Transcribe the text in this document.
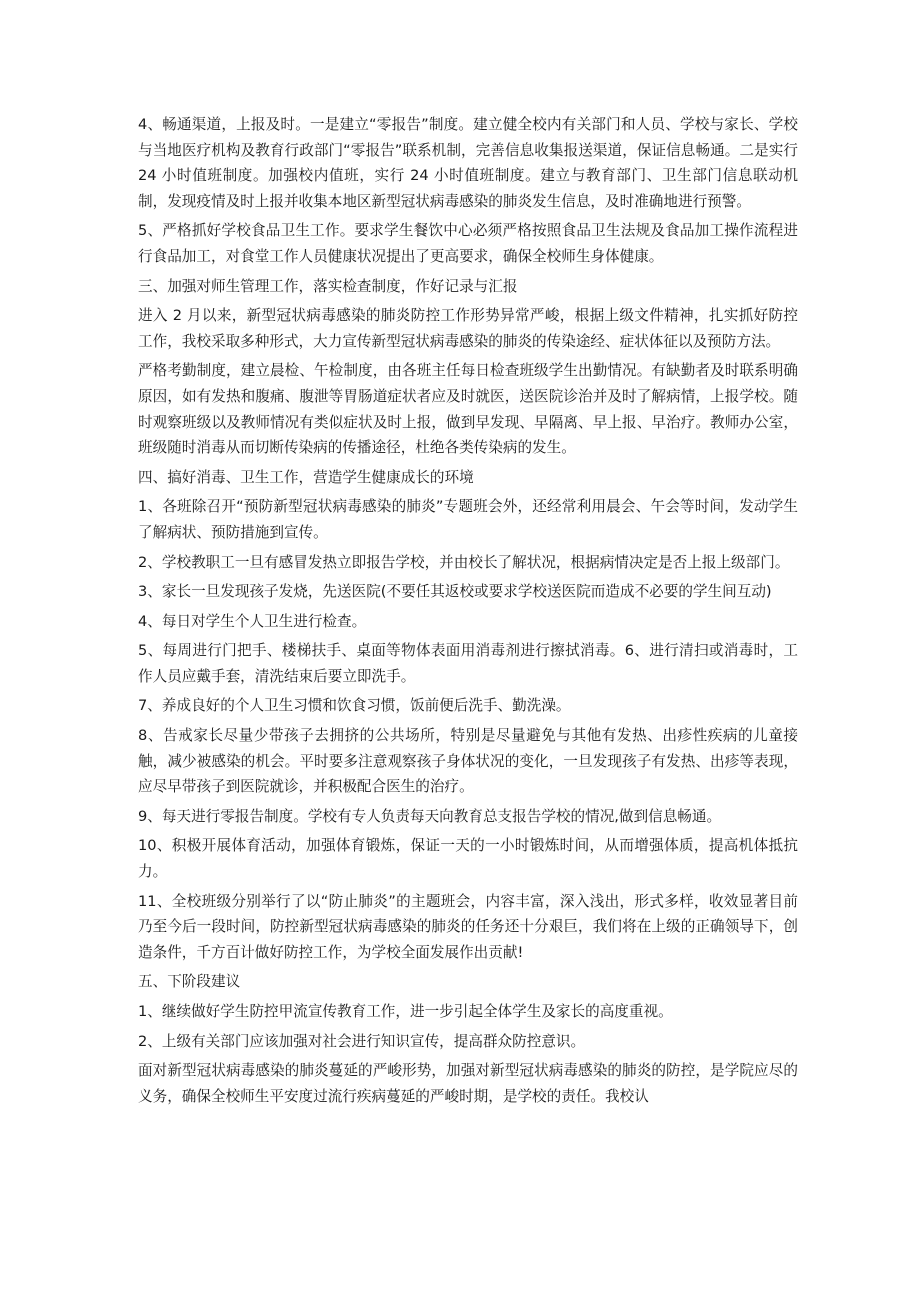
4、畅通渠道，上报及时。一是建立“零报告”制度。建立健全校内有关部门和人员、学校与家长、学校与当地医疗机构及教育行政部门“零报告”联系机制，完善信息收集报送渠道，保证信息畅通。二是实行 24 小时值班制度。加强校内值班，实行 24 小时值班制度。建立与教育部门、卫生部门信息联动机制，发现疫情及时上报并收集本地区新型冠状病毒感染的肺炎发生信息，及时准确地进行预警。

5、严格抓好学校食品卫生工作。要求学生餐饮中心必须严格按照食品卫生法规及食品加工操作流程进行食品加工，对食堂工作人员健康状况提出了更高要求，确保全校师生身体健康。

三、加强对师生管理工作，落实检查制度，作好记录与汇报

进入 2 月以来，新型冠状病毒感染的肺炎防控工作形势异常严峻，根据上级文件精神，扎实抓好防控工作，我校采取多种形式，大力宣传新型冠状病毒感染的肺炎的传染途经、症状体征以及预防方法。

严格考勤制度，建立晨检、午检制度，由各班主任每日检查班级学生出勤情况。有缺勤者及时联系明确原因，如有发热和腹痛、腹泄等胃肠道症状者应及时就医，送医院诊治并及时了解病情，上报学校。随时观察班级以及教师情况有类似症状及时上报，做到早发现、早隔离、早上报、早治疗。教师办公室，班级随时消毒从而切断传染病的传播途径，杜绝各类传染病的发生。

四、搞好消毒、卫生工作，营造学生健康成长的环境

1、各班除召开“预防新型冠状病毒感染的肺炎”专题班会外，还经常利用晨会、午会等时间，发动学生了解病状、预防措施到宣传。

2、学校教职工一旦有感冒发热立即报告学校，并由校长了解状况，根据病情决定是否上报上级部门。

3、家长一旦发现孩子发烧，先送医院(不要任其返校或要求学校送医院而造成不必要的学生间互动)

4、每日对学生个人卫生进行检查。

5、每周进行门把手、楼梯扶手、桌面等物体表面用消毒剂进行擦拭消毒。6、进行清扫或消毒时，工作人员应戴手套，清洗结束后要立即洗手。

7、养成良好的个人卫生习惯和饮食习惯，饭前便后洗手、勤洗澡。

8、告戒家长尽量少带孩子去拥挤的公共场所，特别是尽量避免与其他有发热、出疹性疾病的儿童接触，减少被感染的机会。平时要多注意观察孩子身体状况的变化，一旦发现孩子有发热、出疹等表现，应尽早带孩子到医院就诊，并积极配合医生的治疗。

9、每天进行零报告制度。学校有专人负责每天向教育总支报告学校的情况,做到信息畅通。

10、积极开展体育活动，加强体育锻炼，保证一天的一小时锻炼时间，从而增强体质，提高机体抵抗力。

11、全校班级分别举行了以“防止肺炎”的主题班会，内容丰富，深入浅出，形式多样，收效显著目前乃至今后一段时间，防控新型冠状病毒感染的肺炎的任务还十分艰巨，我们将在上级的正确领导下，创造条件，千方百计做好防控工作，为学校全面发展作出贡献!

五、下阶段建议

1、继续做好学生防控甲流宣传教育工作，进一步引起全体学生及家长的高度重视。

2、上级有关部门应该加强对社会进行知识宣传，提高群众防控意识。

面对新型冠状病毒感染的肺炎蔓延的严峻形势，加强对新型冠状病毒感染的肺炎的防控，是学院应尽的义务，确保全校师生平安度过流行疾病蔓延的严峻时期，是学校的责任。我校认
